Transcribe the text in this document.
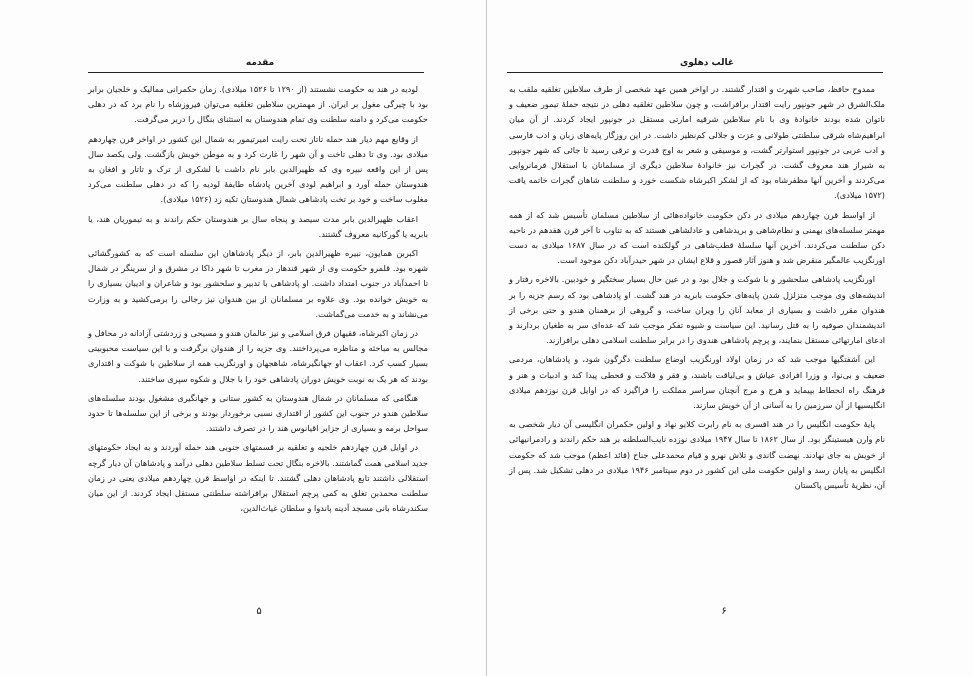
مقدمه

لودیه در هند به حکومت نشستند (از ۱۲۹۰ تا ۱۵۲۶ میلادی). زمان حکمرانی ممالیک و خلجیان برابر بود با چیرگی مغول بر ایران. از مهمترین سلاطین تغلقیه می‌توان فیروزشاه را نام برد که در دهلی حکومت می‌کرد و دامنه سلطنت وی تمام هندوستان به استثنای بنگال را دربر می‌گرفت.

از وقایع مهم دیار هند حمله تاتار تحت رایت امیرتیمور به شمال این کشور در اواخر قرن چهاردهم میلادی بود. وی تا دهلی تاخت و آن شهر را غارت کرد و به موطن خویش بازگشت. ولی یکصد سال پس از این واقعه نبیره وی که ظهیرالدین بابر نام داشت با لشکری از ترک و تاتار و افغان به هندوستان حمله آورد و ابراهیم لودی آخرین پادشاه طایفهٔ لودیه را که در دهلی سلطنت می‌کرد مغلوب ساخت و خود بر تخت پادشاهی شمال هندوستان تکیه زد (۱۵۲۶ میلادی).

اعقاب ظهیرالدین بابر مدت سیصد و پنجاه سال بر هندوستان حکم راندند و به تیموریان هند، یا بابریه یا گورکانیه معروف گشتند.

اکبربن همایون، نبیره ظهیرالدین بابر، از دیگر پادشاهان این سلسله است که به کشورگشائی شهره بود. قلمرو حکومت وی از شهر قندهار در مغرب تا شهر داکا در مشرق و از سرینگر در شمال تا احمدآباد در جنوب امتداد داشت. او پادشاهی با تدبیر و سلحشور بود و شاعران و ادیبان بسیاری را به خویش خوانده بود. وی علاوه بر مسلمانان از بین هندوان نیز رجالی را برمی‌کشید و به وزارت می‌نشاند و به خدمت می‌گماشت.

در زمان اکبرشاه، فقیهان فرق اسلامی و نیز عالمان هندو و مسیحی و زردشتی آزادانه در محافل و مجالس به مباحثه و مناظره می‌پرداختند. وی جزیه را از هندوان برگرفت و با این سیاست محبوبیتی بسیار کسب کرد. اعقاب او جهانگیرشاه، شاهجهان و اورنگزیب همه از سلاطین با شوکت و اقتداری بودند که هر یک به نوبت خویش دوران پادشاهی خود را با جلال و شکوه سپری ساختند.

هنگامی که مسلمانان در شمال هندوستان به کشور ستانی و جهانگیری مشغول بودند سلسله‌های سلاطین هندو در جنوب این کشور از اقتداری نسبی برخوردار بودند و برخی از این سلسله‌ها تا حدود سواحل برمه و بسیاری از جزایر اقیانوس هند را در تصرف داشتند.

در اوایل قرن چهاردهم خلجیه و تغلقیه بر قسمتهای جنوبی هند حمله آوردند و به ایجاد حکومتهای جدید اسلامی همت گماشتند. بالاخره بنگال تحت تسلط سلاطین دهلی درآمد و پادشاهان آن دیار گرچه استقلالی داشتند تابع پادشاهان دهلی گشتند. تا اینکه در اواسط قرن چهاردهم میلادی یعنی در زمان سلطنت محمدبن تغلق به کمی پرچم استقلال برافراشته سلطنتی مستقل ایجاد کردند. از این میان سکندرشاه بانی مسجد آدینه پاندوا و سلطان غیاث‌الدین،

۵
غالب دهلوی

ممدوح حافظ، صاحب شهرت و اقتدار گشتند. در اواخر همین عهد شخصی از طرف سلاطین تغلقیه ملقب به ملک‌الشرق در شهر جونپور رایت اقتدار برافراشت، و چون سلاطین تغلقیه دهلی در نتیجه حملهٔ تیمور ضعیف و ناتوان شده بودند خانوادهٔ وی با نام سلاطین شرقیه امارتی مستقل در جونپور ایجاد کردند. از آن میان ابراهیم‌شاه شرقی سلطنتی طولانی و عزت و جلالی کم‌نظیر داشت. در این روزگار پایه‌های زبان و ادب فارسی و ادب عربی در جونپور استوارتر گشت، و موسیقی و شعر به اوج قدرت و ترقی رسید تا جائی که شهر جونپور به شیراز هند معروف گشت. در گجرات نیز خانوادهٔ سلاطین دیگری از مسلمانان با استقلال فرمانروایی می‌کردند و آخرین آنها مظفرشاه بود که از لشکر اکبرشاه شکست خورد و سلطنت شاهان گجرات خاتمه یافت (۱۵۷۲ میلادی).

از اواسط قرن چهاردهم میلادی در دکن حکومت خانواده‌هائی از سلاطین مسلمان تأسیس شد که از همه مهمتر سلسله‌های بهمنی و نظام‌شاهی و بریدشاهی و عادلشاهی هستند که به تناوب تا آخر قرن هفدهم در ناحیه دکن سلطنت می‌کردند. آخرین آنها سلسلهٔ قطب‌شاهی در گولکنده است که در سال ۱۶۸۷ میلادی به دست اورنگزیب عالمگیر منقرض شد و هنوز آثار قصور و قلاع ایشان در شهر حیدرآباد دکن موجود است.

اورنگزیب پادشاهی سلحشور و با شوکت و جلال بود و در عین حال بسیار سختگیر و خودبین. بالاخره رفتار و اندیشه‌های وی موجب متزلزل شدن پایه‌های حکومت بابریه در هند گشت. او پادشاهی بود که رسم جزیه را بر هندوان مقرر داشت و بسیاری از معابد آنان را ویران ساخت، و گروهی از برهمنان هندو و حتی برخی از اندیشمندان صوفیه را به قتل رسانید. این سیاست و شیوه تفکر موجب شد که عده‌ای سر به طغیان بردارند و ادعای امارتهائی مستقل بنمایند، و پرچم پادشاهی هندوی را در برابر سلطنت اسلامی دهلی برافرازند.

این آشفتگیها موجب شد که در زمان اولاد اورنگزیب اوضاع سلطنت دگرگون شود، و پادشاهان، مردمی ضعیف و بی‌نوا، و وزرا افرادی عیاش و بی‌لیاقت باشند، و فقر و فلاکت و قحطی پیدا کند و ادبیات و هنر و فرهنگ راه انحطاط بپیماید و هرج و مرج آنچنان سراسر مملکت را فراگیرد که در اوایل قرن نوزدهم میلادی انگلیسیها از آن سرزمین را به آسانی از آن خویش سازند.

پایهٔ حکومت انگلیس را در هند افسری به نام رابرت کلایو نهاد و اولین حکمران انگلیسی آن دیار شخصی به نام وارن هیستینگز بود. از سال ۱۸۶۲ تا سال ۱۹۴۷ میلادی نوزده نایب‌السلطنه بر هند حکم راندند و رادمرانیهائی از خویش به جای نهادند. نهضت گاندی و تلاش نهرو و قیام محمدعلی جناح (قائد اعظم) موجب شد که حکومت انگلیس به پایان رسد و اولین حکومت ملی این کشور در دوم سپتامبر ۱۹۴۶ میلادی در دهلی تشکیل شد. پس از آن، نظریهٔ تأسیس پاکستان

۶
